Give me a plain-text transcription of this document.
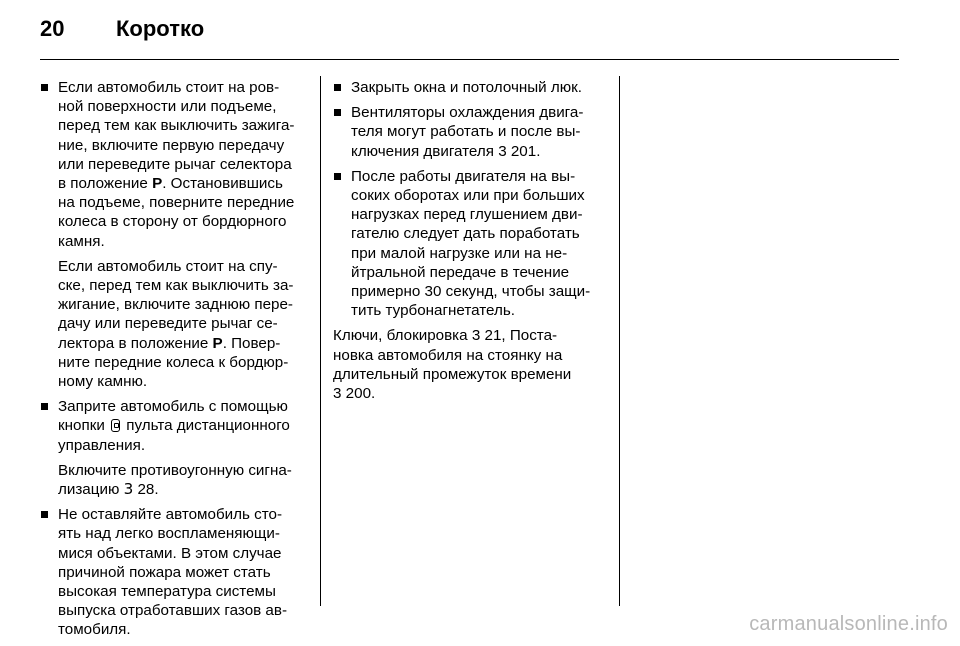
20 Коротко
Если автомобиль стоит на ров-
ной поверхности или подъеме,
перед тем как выключить зажига-
ние, включите первую передачу
или переведите рычаг селектора
в положение P. Остановившись
на подъеме, поверните передние
колеса в сторону от бордюрного
камня.
Если автомобиль стоит на спу-
ске, перед тем как выключить за-
жигание, включите заднюю пере-
дачу или переведите рычаг се-
лектора в положение P. Повер-
ните передние колеса к бордюр-
ному камню.
Заприте автомобиль с помощью
кнопки  пульта дистанционного
управления.
Включите противоугонную сигна-
лизацию 3 28.
Не оставляйте автомобиль сто-
ять над легко воспламеняющи-
мися объектами. В этом случае
причиной пожара может стать
высокая температура системы
выпуска отработавших газов ав-
томобиля.
Закрыть окна и потолочный люк.
Вентиляторы охлаждения двига-
теля могут работать и после вы-
ключения двигателя 3 201.
После работы двигателя на вы-
соких оборотах или при больших
нагрузках перед глушением дви-
гателю следует дать поработать
при малой нагрузке или на не-
йтральной передаче в течение
примерно 30 секунд, чтобы защи-
тить турбонагнетатель.
Ключи, блокировка 3 21, Поста-
новка автомобиля на стоянку на
длительный промежуток времени
3 200.
carmanualsonline.info
